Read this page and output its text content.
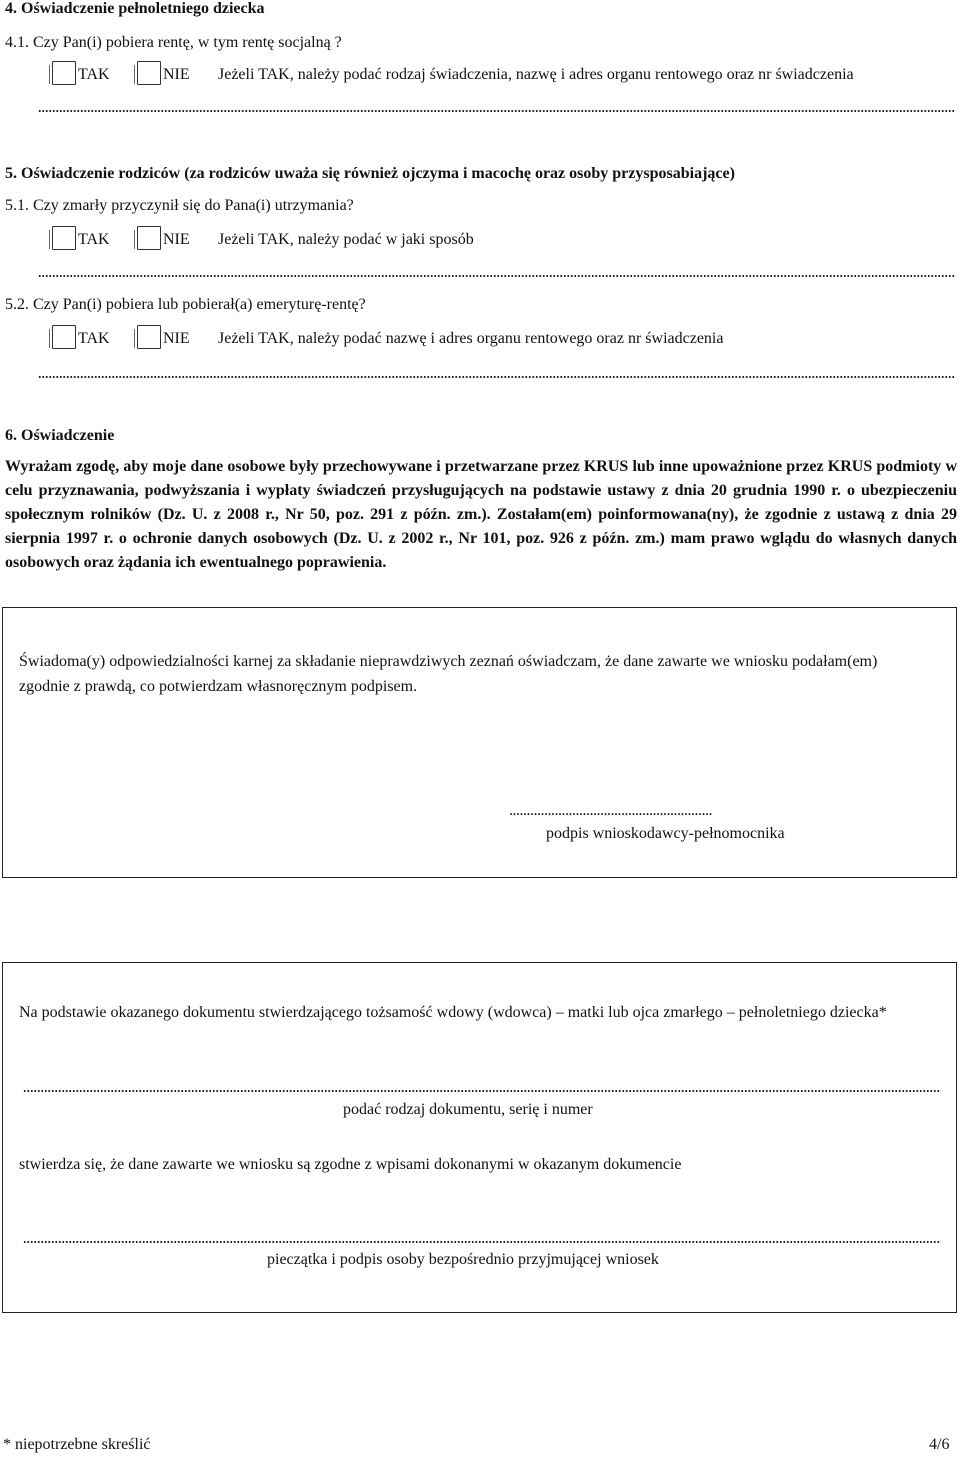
4. Oświadczenie pełnoletniego dziecka
4.1. Czy Pan(i) pobiera rentę, w tym rentę socjalną ?
TAK	NIE Jeżeli TAK, należy podać rodzaj świadczenia, nazwę i adres organu rentowego oraz nr świadczenia
5. Oświadczenie rodziców (za rodziców uważa się również ojczyma i macochę oraz osoby przysposabiające)
5.1. Czy zmarły przyczynił się do Pana(i) utrzymania?
TAK	NIE Jeżeli TAK, należy podać w jaki sposób
5.2. Czy Pan(i) pobiera lub pobierał(a) emeryturę-rentę?
TAK	NIE Jeżeli TAK, należy podać nazwę i adres organu rentowego oraz nr świadczenia
6. Oświadczenie
Wyrażam zgodę, aby moje dane osobowe były przechowywane i przetwarzane przez KRUS lub inne upoważnione przez KRUS podmioty w celu przyznawania, podwyższania i wypłaty świadczeń przysługujących na podstawie ustawy z dnia 20 grudnia 1990 r. o ubezpieczeniu społecznym rolników (Dz. U. z 2008 r., Nr 50, poz. 291 z późn. zm.). Zostałam(em) poinformowana(ny), że zgodnie z ustawą z dnia 29 sierpnia 1997 r. o ochronie danych osobowych (Dz. U. z 2002 r., Nr 101, poz. 926 z późn. zm.) mam prawo wglądu do własnych danych osobowych oraz żądania ich ewentualnego poprawienia.
Świadoma(y) odpowiedzialności karnej za składanie nieprawdziwych zeznań oświadczam, że dane zawarte we wniosku podałam(em)
zgodnie z prawdą, co potwierdzam własnoręcznym podpisem.
..........................................................
podpis wnioskodawcy-pełnomocnika
Na podstawie okazanego dokumentu stwierdzającego tożsamość wdowy (wdowca) – matki lub ojca zmarłego – pełnoletniego dziecka*
podać rodzaj dokumentu, serię i numer
stwierdza się, że dane zawarte we wniosku są zgodne z wpisami dokonanymi w okazanym dokumencie
pieczątka i podpis osoby bezpośrednio przyjmującej wniosek
* niepotrzebne skreślić	4/6
